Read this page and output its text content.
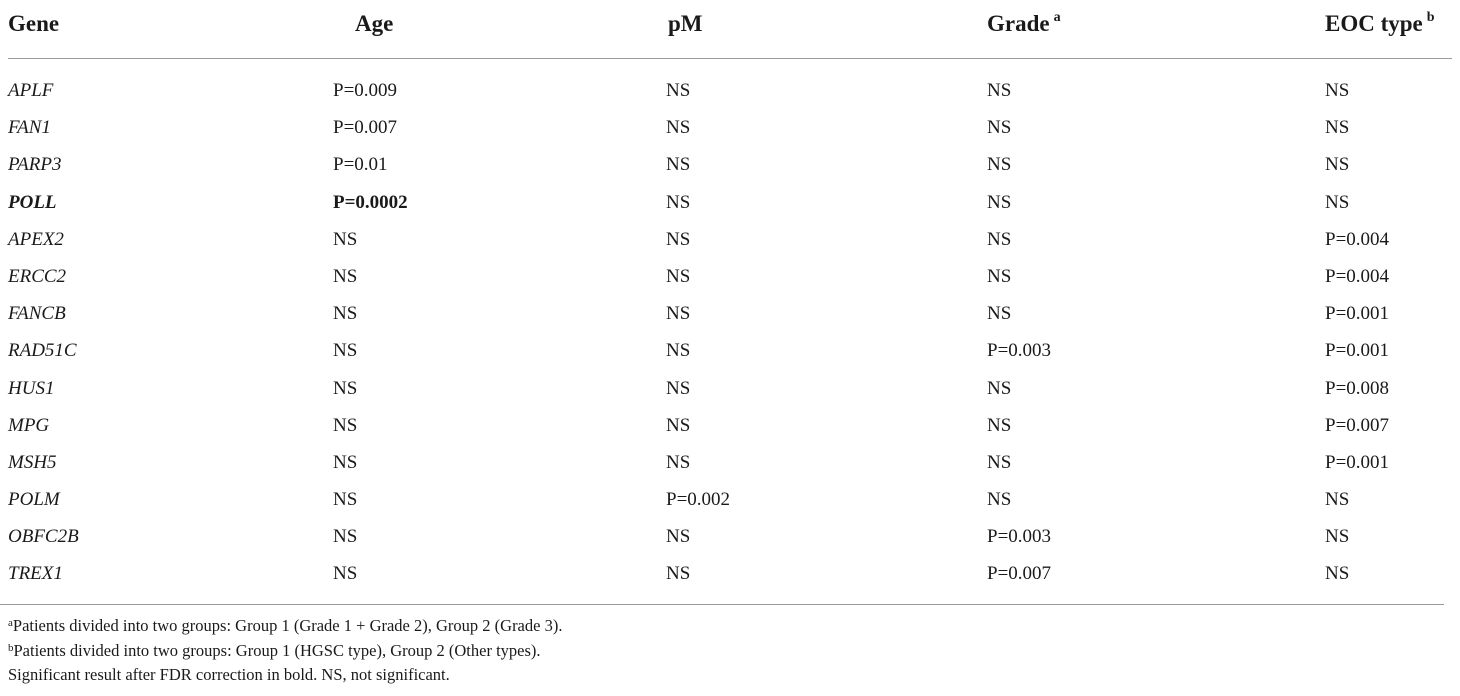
Gene	Age	pM	Grade $^a$	EOC type $^b$
APLF	P=0.009	NS	NS	NS
FAN1	P=0.007	NS	NS	NS
PARP3	P=0.01	NS	NS	NS
POLL	P=0.0002	NS	NS	NS
APEX2	NS	NS	NS	P=0.004
ERCC2	NS	NS	NS	P=0.004
FANCB	NS	NS	NS	P=0.001
RAD51C	NS	NS	P=0.003	P=0.001
HUS1	NS	NS	NS	P=0.008
MPG	NS	NS	NS	P=0.007
MSH5	NS	NS	NS	P=0.001
POLM	NS	P=0.002	NS	NS
OBFC2B	NS	NS	P=0.003	NS
TREX1	NS	NS	P=0.007	NS
$^a$Patients divided into two groups: Group 1 (Grade 1 + Grade 2), Group 2 (Grade 3).
$^b$Patients divided into two groups: Group 1 (HGSC type), Group 2 (Other types).
Significant result after FDR correction in bold. NS, not significant.
